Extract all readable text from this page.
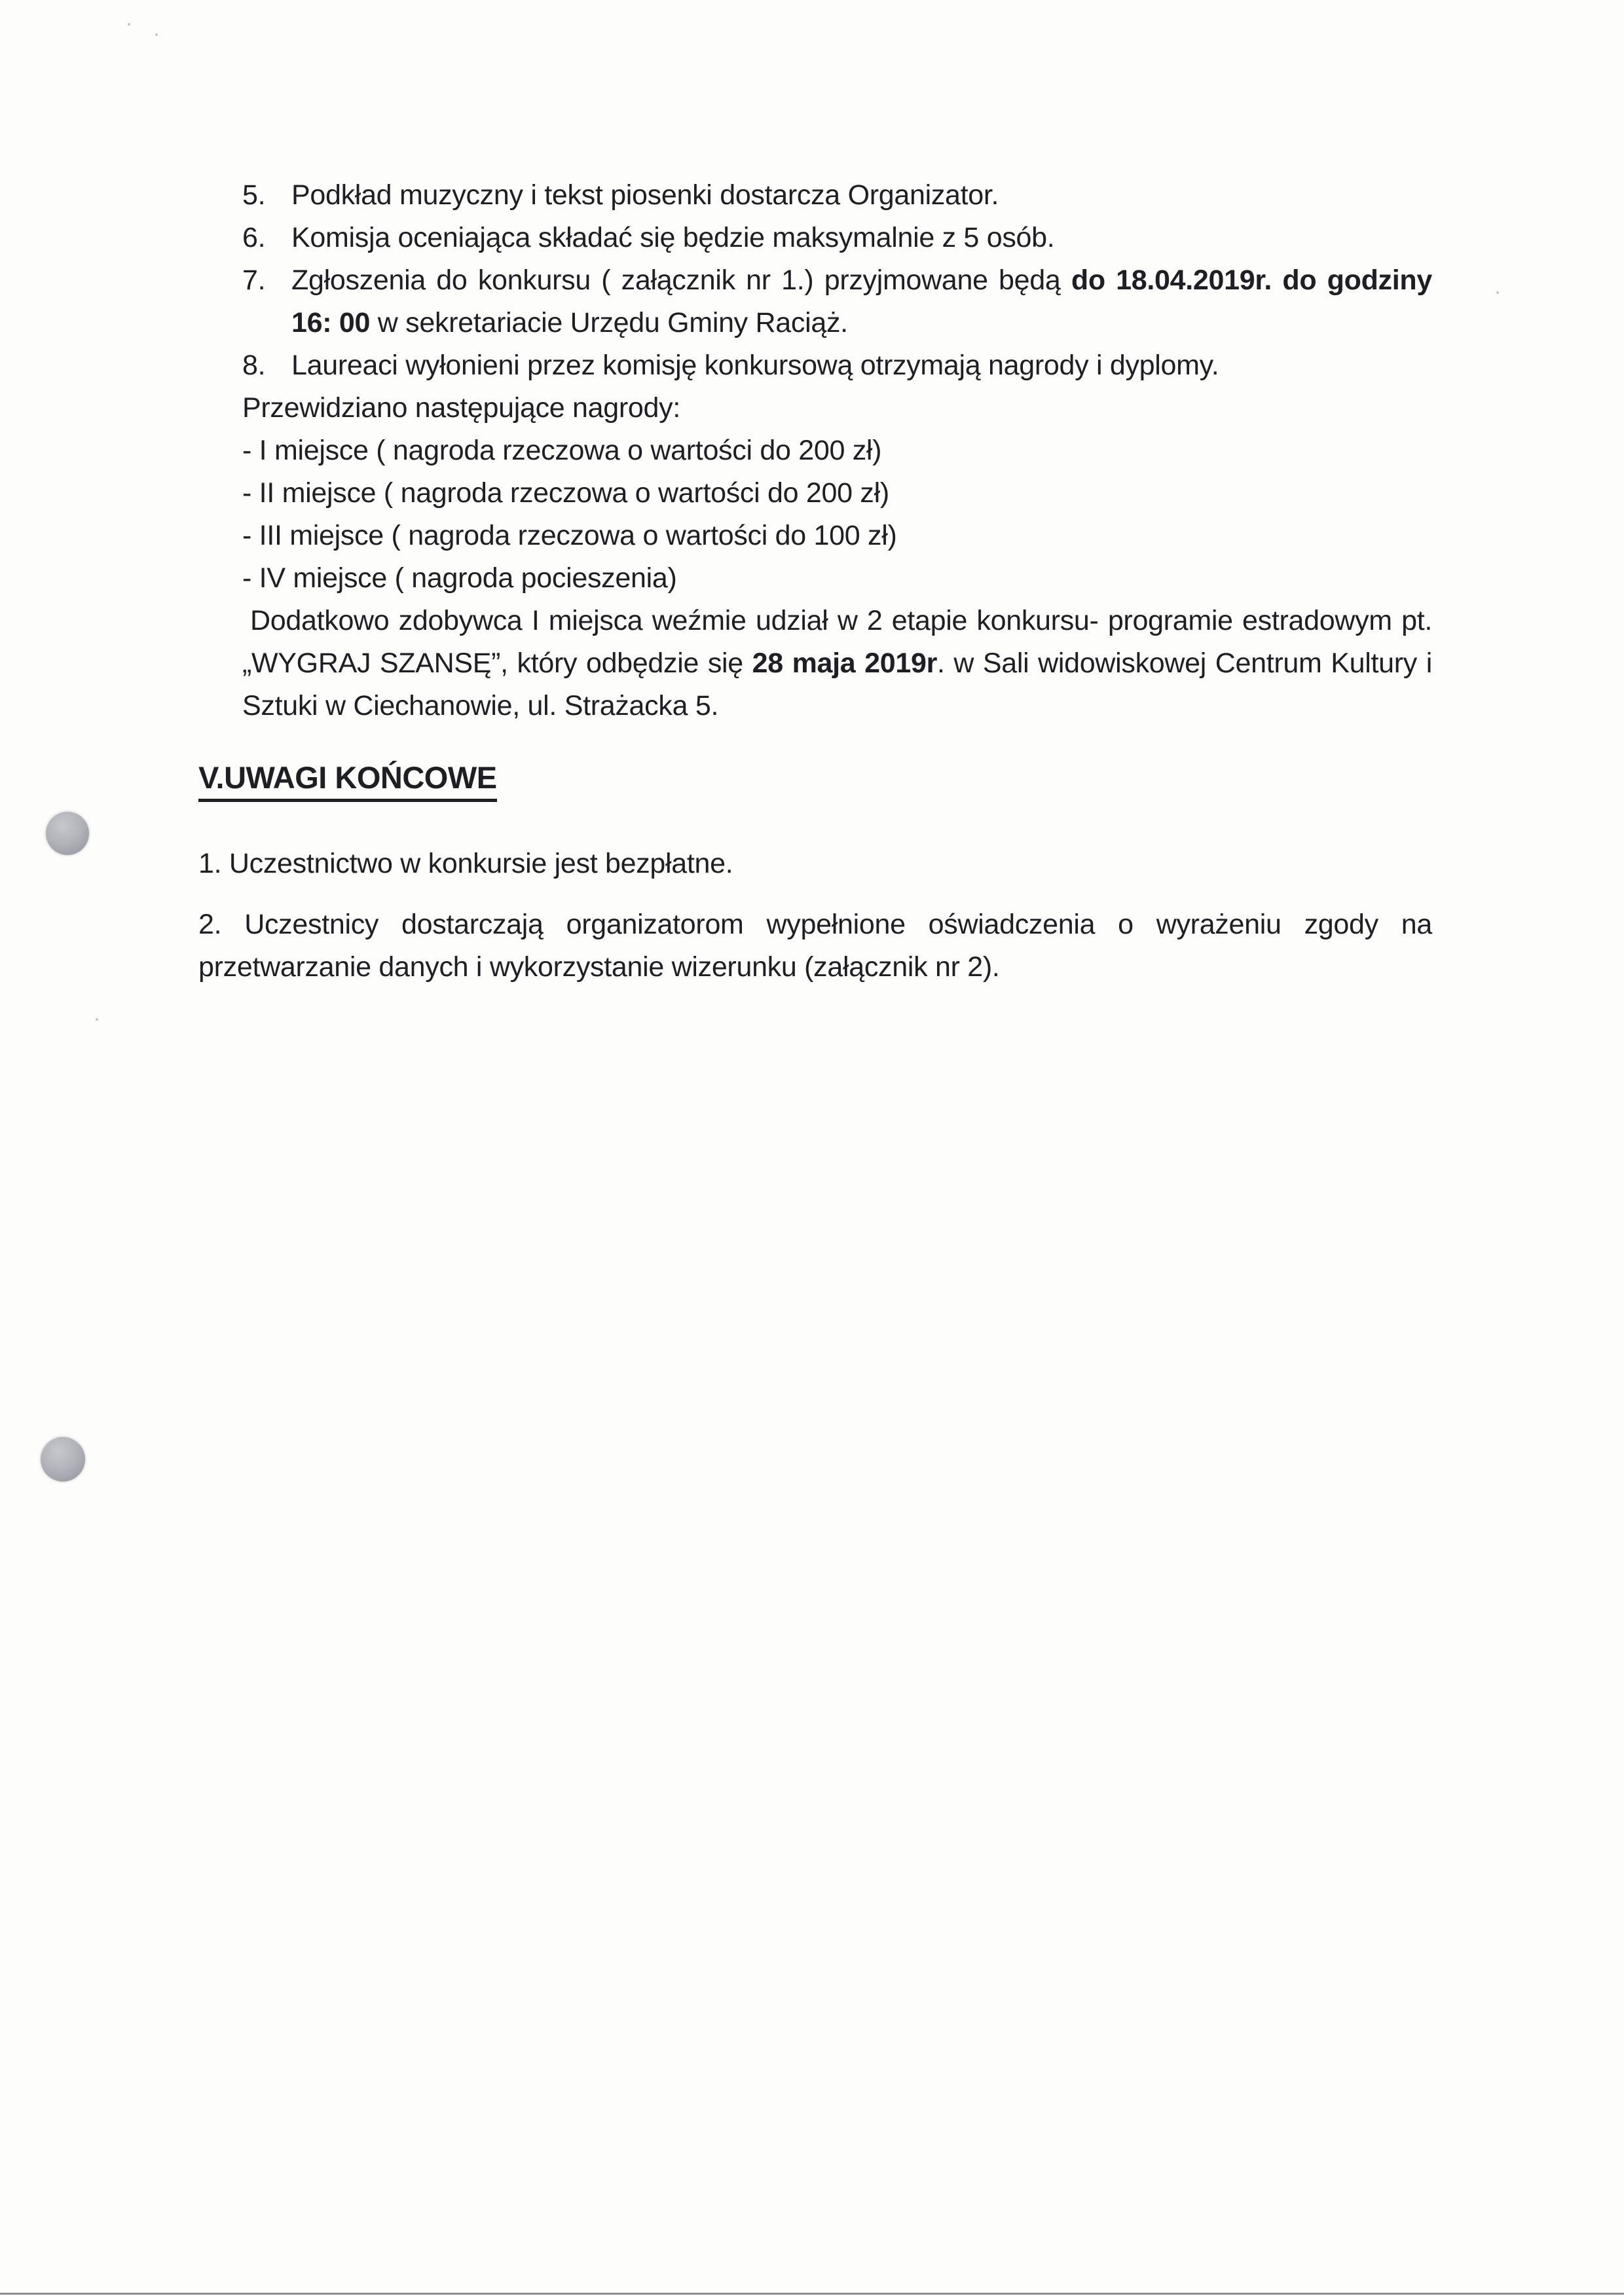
5. Podkład muzyczny i tekst piosenki dostarcza Organizator.
6. Komisja oceniająca składać się będzie maksymalnie z 5 osób.
7. Zgłoszenia do konkursu ( załącznik nr 1.) przyjmowane będą do 18.04.2019r. do godziny
16: 00 w sekretariacie Urzędu Gminy Raciąż.
8. Laureaci wyłonieni przez komisję konkursową otrzymają nagrody i dyplomy.
Przewidziano następujące nagrody:
- I miejsce ( nagroda rzeczowa o wartości do 200 zł)
- II miejsce ( nagroda rzeczowa o wartości do 200 zł)
- III miejsce ( nagroda rzeczowa o wartości do 100 zł)
- IV miejsce ( nagroda pocieszenia)
Dodatkowo zdobywca I miejsca weźmie udział w 2 etapie konkursu- programie estradowym pt.
„WYGRAJ SZANSĘ”, który odbędzie się 28 maja 2019r. w Sali widowiskowej Centrum Kultury i
Sztuki w Ciechanowie, ul. Strażacka 5.
V.UWAGI KOŃCOWE
1. Uczestnictwo w konkursie jest bezpłatne.
2. Uczestnicy dostarczają organizatorom wypełnione oświadczenia o wyrażeniu zgody na
przetwarzanie danych i wykorzystanie wizerunku (załącznik nr 2).
